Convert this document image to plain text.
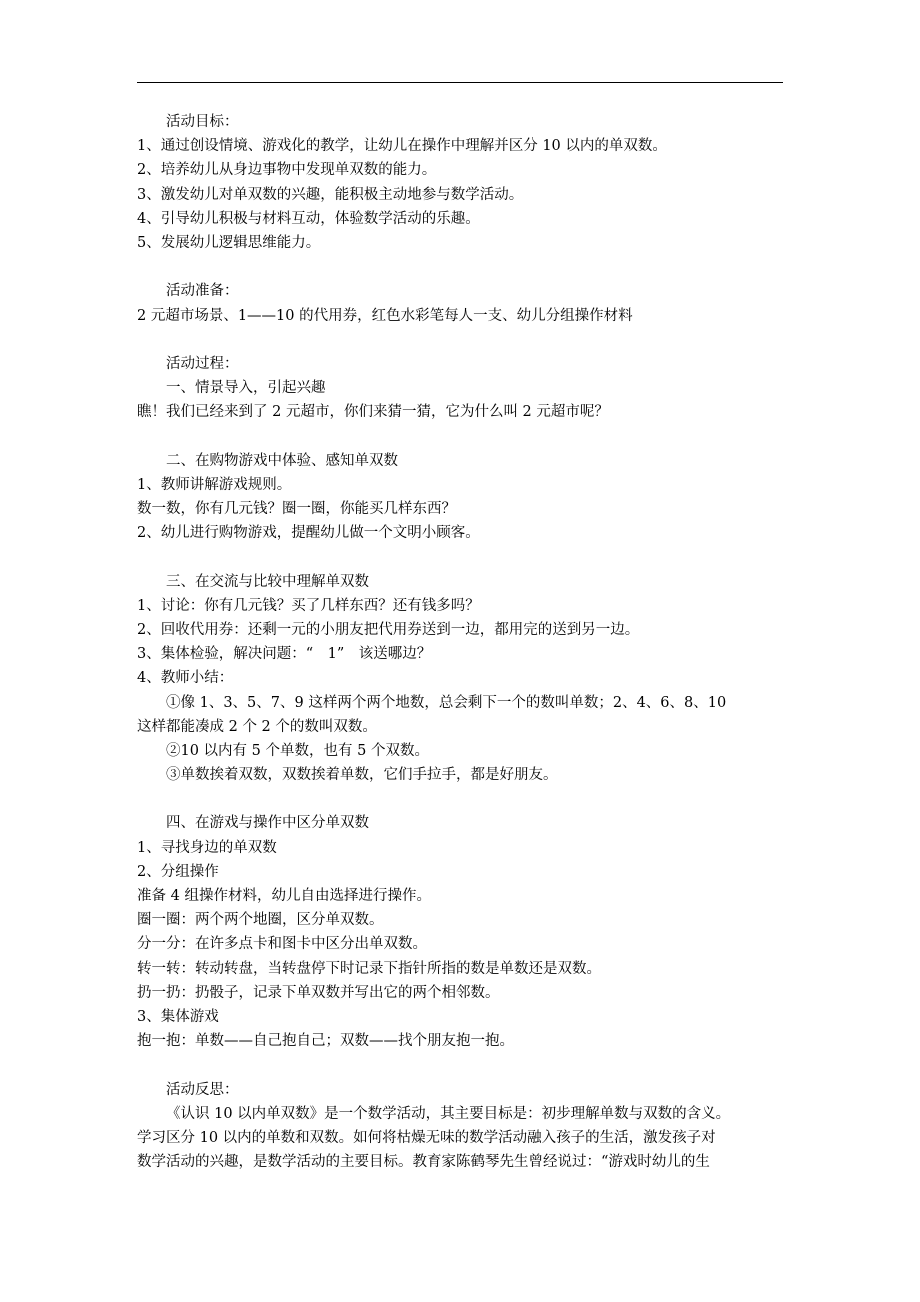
活动目标：
1、通过创设情境、游戏化的教学，让幼儿在操作中理解并区分 10 以内的单双数。
2、培养幼儿从身边事物中发现单双数的能力。
3、激发幼儿对单双数的兴趣，能积极主动地参与数学活动。
4、引导幼儿积极与材料互动，体验数学活动的乐趣。
5、发展幼儿逻辑思维能力。
活动准备：
2 元超市场景、1——10 的代用券，红色水彩笔每人一支、幼儿分组操作材料
活动过程：
一、情景导入，引起兴趣
瞧！我们已经来到了 2 元超市，你们来猜一猜，它为什么叫 2 元超市呢？
二、在购物游戏中体验、感知单双数
1、教师讲解游戏规则。
数一数，你有几元钱？圈一圈，你能买几样东西？
2、幼儿进行购物游戏，提醒幼儿做一个文明小顾客。
三、在交流与比较中理解单双数
1、讨论：你有几元钱？买了几样东西？还有钱多吗？
2、回收代用券：还剩一元的小朋友把代用券送到一边，都用完的送到另一边。
3、集体检验，解决问题：“　1”　该送哪边？
4、教师小结：
①像 1、3、5、7、9 这样两个两个地数，总会剩下一个的数叫单数；2、4、6、8、10
这样都能凑成 2 个 2 个的数叫双数。
②10 以内有 5 个单数，也有 5 个双数。
③单数挨着双数，双数挨着单数，它们手拉手，都是好朋友。
四、在游戏与操作中区分单双数
1、寻找身边的单双数
2、分组操作
准备 4 组操作材料，幼儿自由选择进行操作。
圈一圈：两个两个地圈，区分单双数。
分一分：在许多点卡和图卡中区分出单双数。
转一转：转动转盘，当转盘停下时记录下指针所指的数是单数还是双数。
扔一扔：扔骰子，记录下单双数并写出它的两个相邻数。
3、集体游戏
抱一抱：单数——自己抱自己；双数——找个朋友抱一抱。
活动反思：
《认识 10 以内单双数》是一个数学活动，其主要目标是：初步理解单数与双数的含义。
学习区分 10 以内的单数和双数。如何将枯燥无味的数学活动融入孩子的生活，激发孩子对
数学活动的兴趣，是数学活动的主要目标。教育家陈鹤琴先生曾经说过：“游戏时幼儿的生
